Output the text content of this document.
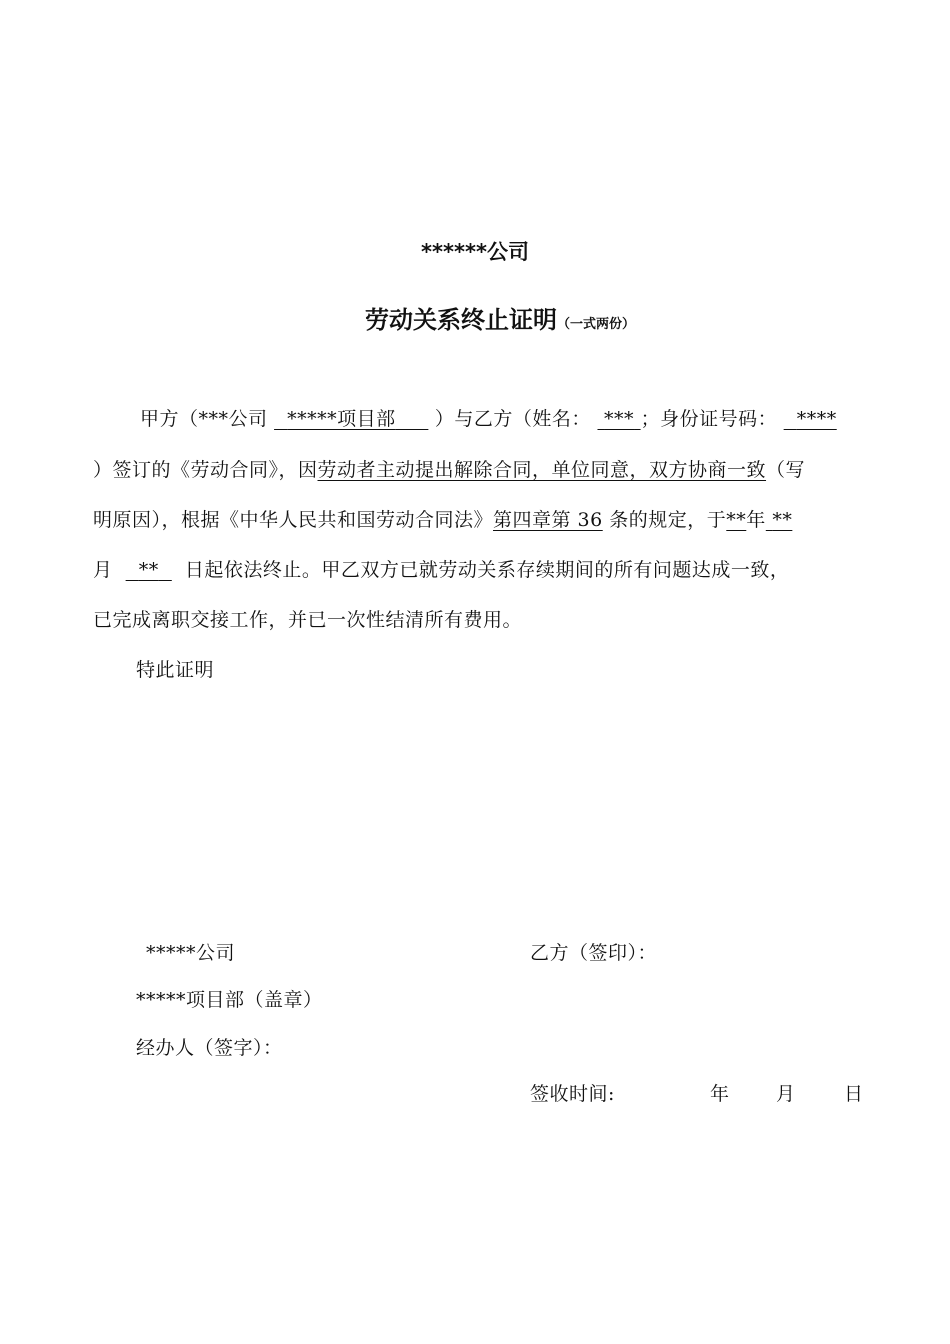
******公司
劳动关系终止证明（一式两份）
甲方（***公司 *****项目部 ）与乙方（姓名： *** ；身份证号码： ****
）签订的《劳动合同》，因劳动者主动提出解除合同，单位同意，双方协商一致（写
明原因），根据《中华人民共和国劳动合同法》第四章第 36 条的规定，于**年 **
月 ** 日起依法终止。甲乙双方已就劳动关系存续期间的所有问题达成一致，
已完成离职交接工作，并已一次性结清所有费用。
特此证明
*****公司	乙方（签印）：
*****项目部（盖章）
经办人（签字）：
签收时间:	年 月	日
